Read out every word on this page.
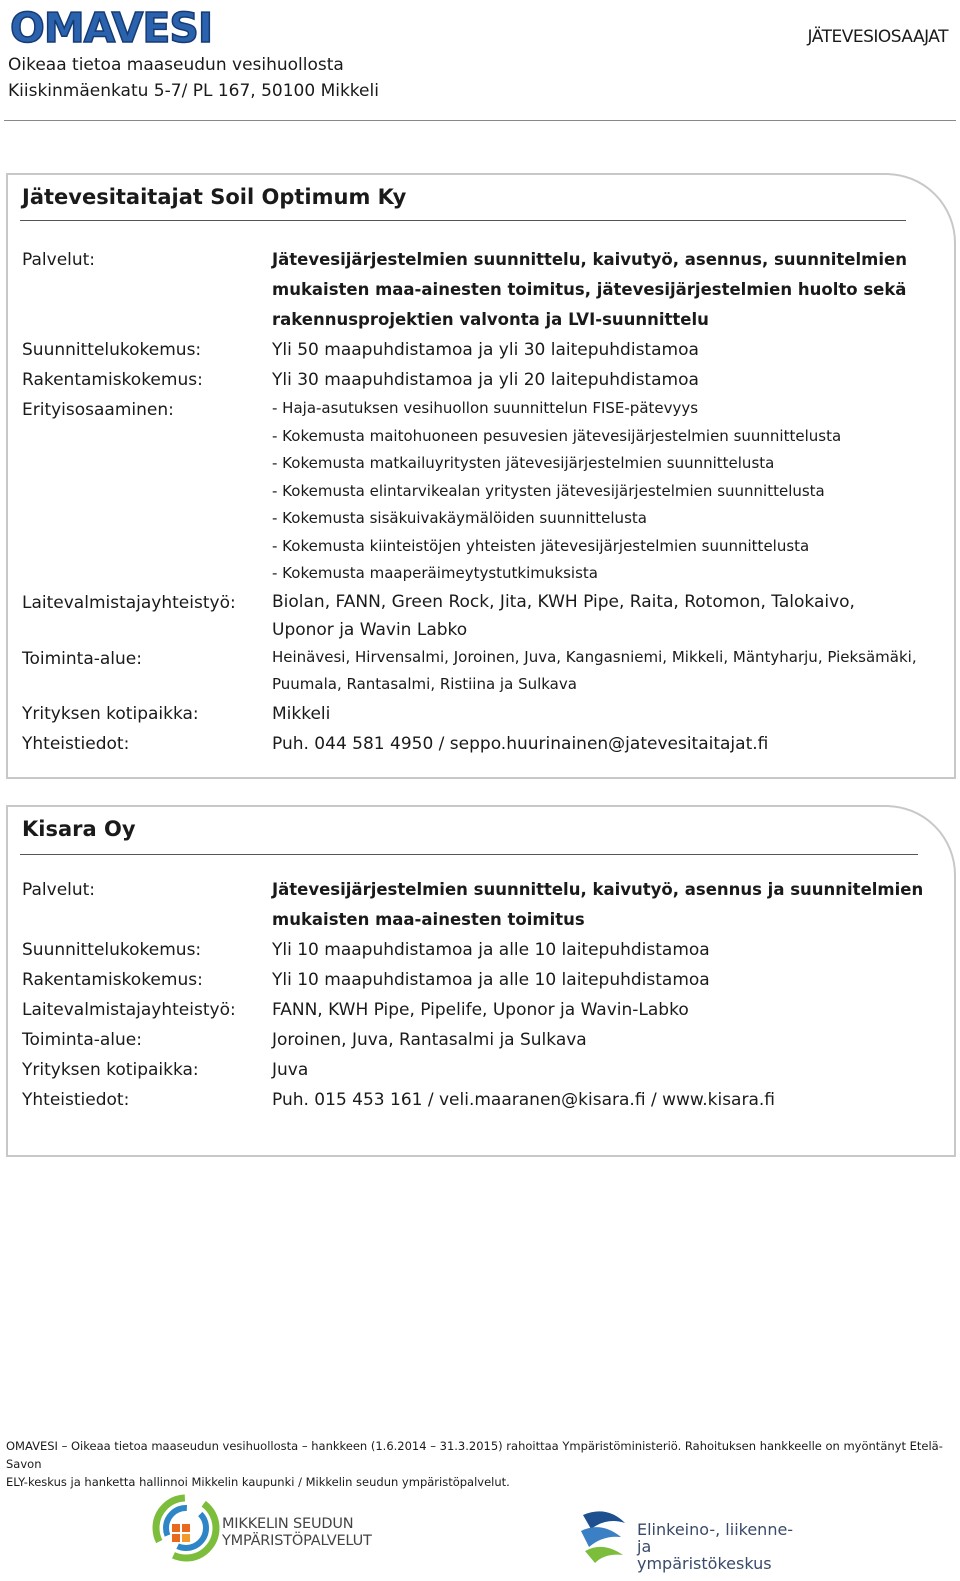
OMAVESI
Oikeaa tietoa maaseudun vesihuollosta
Kiiskinmäenkatu 5-7/ PL 167, 50100 Mikkeli
JÄTEVESIOSAAJAT
Jätevesitaitajat Soil Optimum Ky
Palvelut:	Jätevesijärjestelmien suunnittelu, kaivutyö, asennus, suunnitelmien
mukaisten maa-ainesten toimitus, jätevesijärjestelmien huolto sekä
rakennusprojektien valvonta ja LVI-suunnittelu
Suunnittelukokemus:	Yli 50 maapuhdistamoa ja yli 30 laitepuhdistamoa
Rakentamiskokemus:	Yli 30 maapuhdistamoa ja yli 20 laitepuhdistamoa
Erityisosaaminen:	- Haja-asutuksen vesihuollon suunnittelun FISE-pätevyys
- Kokemusta maitohuoneen pesuvesien jätevesijärjestelmien suunnittelusta
- Kokemusta matkailuyritysten jätevesijärjestelmien suunnittelusta
- Kokemusta elintarvikealan yritysten jätevesijärjestelmien suunnittelusta
- Kokemusta sisäkuivakäymälöiden suunnittelusta
- Kokemusta kiinteistöjen yhteisten jätevesijärjestelmien suunnittelusta
- Kokemusta maaperäimeytystutkimuksista
Laitevalmistajayhteistyö:	Biolan, FANN, Green Rock, Jita, KWH Pipe, Raita, Rotomon, Talokaivo,
Uponor ja Wavin Labko
Toiminta-alue:	Heinävesi, Hirvensalmi, Joroinen, Juva, Kangasniemi, Mikkeli, Mäntyharju, Pieksämäki,
Puumala, Rantasalmi, Ristiina ja Sulkava
Yrityksen kotipaikka:	Mikkeli
Yhteistiedot:	Puh. 044 581 4950 / seppo.huurinainen@jatevesitaitajat.fi
Kisara Oy
Palvelut:	Jätevesijärjestelmien suunnittelu, kaivutyö, asennus ja suunnitelmien
mukaisten maa-ainesten toimitus
Suunnittelukokemus:	Yli 10 maapuhdistamoa ja alle 10 laitepuhdistamoa
Rakentamiskokemus:	Yli 10 maapuhdistamoa ja alle 10 laitepuhdistamoa
Laitevalmistajayhteistyö:	FANN, KWH Pipe, Pipelife, Uponor ja Wavin-Labko
Toiminta-alue:	Joroinen, Juva, Rantasalmi ja Sulkava
Yrityksen kotipaikka:	Juva
Yhteistiedot:	Puh. 015 453 161 / veli.maaranen@kisara.fi / www.kisara.fi
OMAVESI – Oikeaa tietoa maaseudun vesihuollosta – hankkeen (1.6.2014 – 31.3.2015) rahoittaa Ympäristöministeriö. Rahoituksen hankkeelle on myöntänyt Etelä-Savon
ELY-keskus ja hanketta hallinnoi Mikkelin kaupunki / Mikkelin seudun ympäristöpalvelut.
MIKKELIN SEUDUN
YMPÄRISTÖPALVELUT
Elinkeino-, liikenne- ja
ympäristökeskus
